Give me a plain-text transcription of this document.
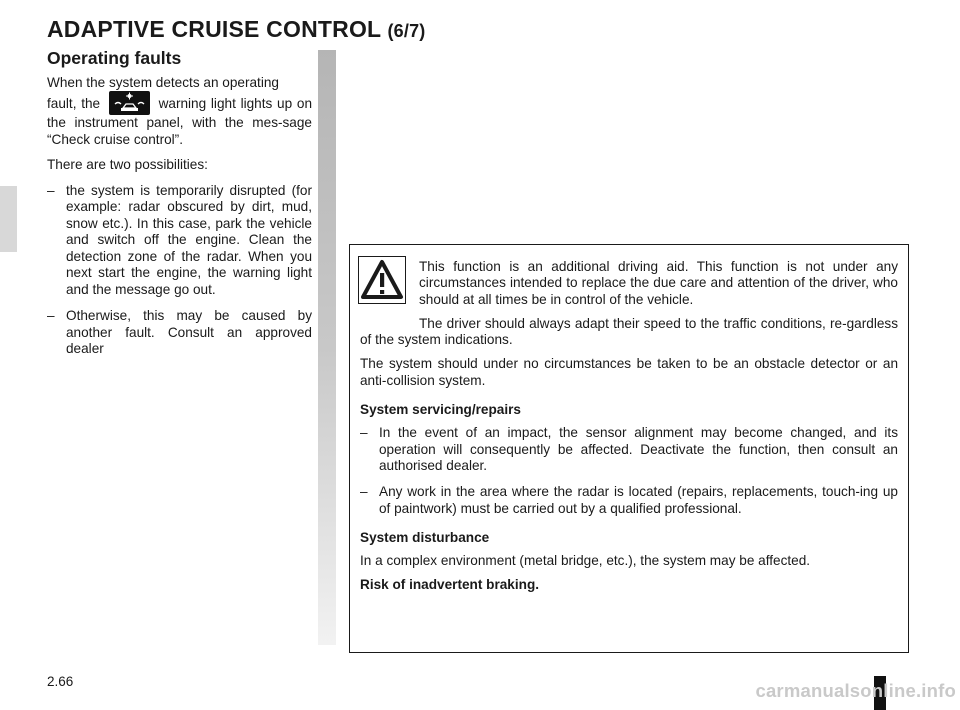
ADAPTIVE CRUISE CONTROL (6/7)
Operating faults

When the system detects an operating

fault, the	warning light lights up on the instrument panel, with the mes-sage “Check cruise control”.

There are two possibilities:

– the system is temporarily disrupted (for example: radar obscured by dirt, mud, snow etc.). In this case, park the vehicle and switch off the engine. Clean the detection zone of the radar. When you next start the engine, the warning light and the message go out.
– Otherwise, this may be caused by another fault. Consult an approved dealer

This function is an additional driving aid. This function is not under any circumstances intended to replace the due care and attention of the driver, who should at all times be in control of the vehicle.

The driver should always adapt their speed to the traffic conditions, re-gardless of the system indications.

The system should under no circumstances be taken to be an obstacle detector or an anti-collision system.

System servicing/repairs

– In the event of an impact, the sensor alignment may become changed, and its operation will consequently be affected. Deactivate the function, then consult an authorised dealer.
– Any work in the area where the radar is located (repairs, replacements, touch-ing up of paintwork) must be carried out by a qualified professional.

System disturbance

In a complex environment (metal bridge, etc.), the system may be affected.

Risk of inadvertent braking.

2.66	carmanualsonline.info
